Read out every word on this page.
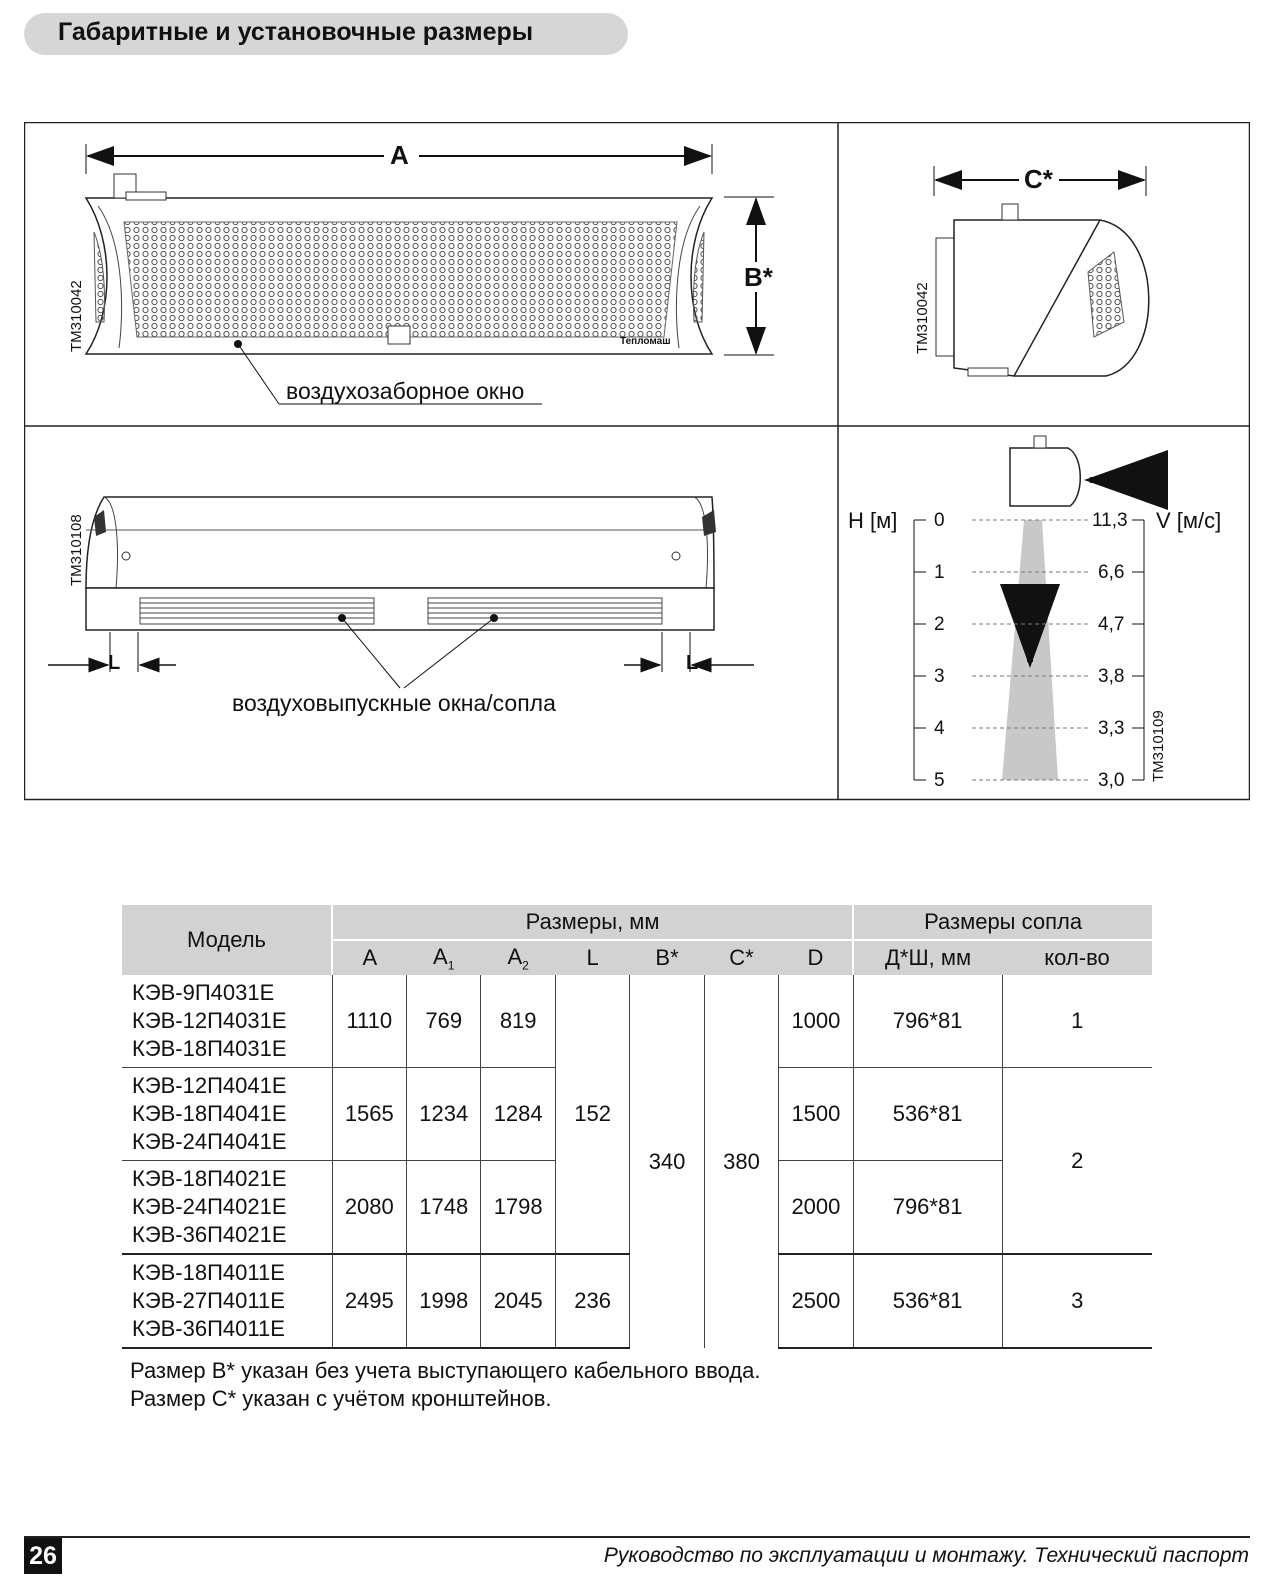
Габаритные и установочные размеры
A
B*
C*
L	L
ТМ310042	ТМ310042
ТМ310108
ТМ310109
Тепломаш
воздухозаборное окно
воздуховыпускные окна/сопла
H [м]	V [м/с]
0
1
2
3
4
5
11,3
6,6
4,7
3,8
3,3
3,0
Модель	Размеры, мм							Размеры сопла	
	A	$A_1$	$A_2$	L	B*	C*	D	Д*Ш, мм	кол-во

КЭВ-9П4031E
КЭВ-12П4031E
КЭВ-18П4031E	1110	769	819	152	340	380	1000	796*81	1

КЭВ-12П4041E
КЭВ-18П4041E
КЭВ-24П4041E	1565	1234	1284				1500	536*81	2

КЭВ-18П4021E
КЭВ-24П4021E
КЭВ-36П4021E	2080	1748	1798				2000	796*81	

КЭВ-18П4011E
КЭВ-27П4011E
КЭВ-36П4011E	2495	1998	2045	236			2500	536*81	3
Размер B* указан без учета выступающего кабельного ввода.
Размер C* указан с учётом кронштейнов.
26	Руководство по эксплуатации и монтажу. Технический паспорт
